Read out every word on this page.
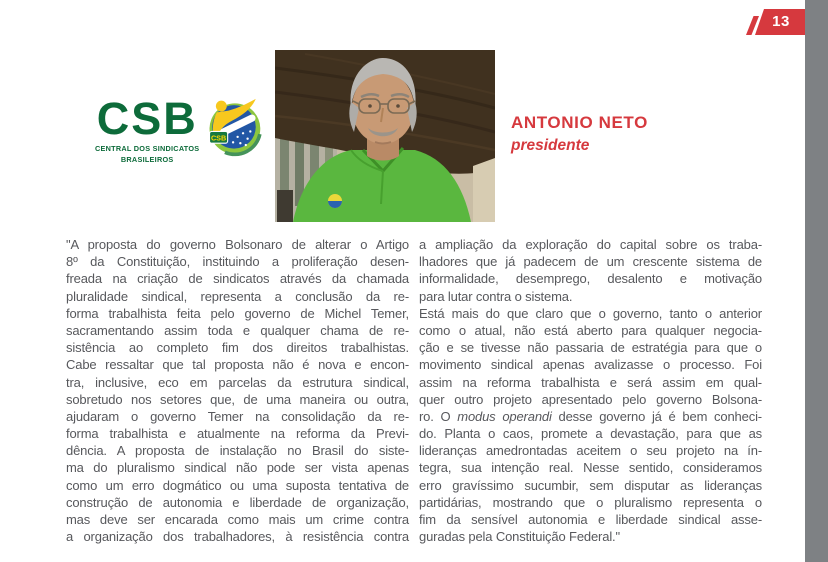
13
CSB
CENTRAL DOS SINDICATOS
BRASILEIROS
CSB
ANTONIO NETO
presidente
"A proposta do governo Bolsonaro de alterar o Artigo
8º da Constituição, instituindo a proliferação desen-
freada na criação de sindicatos através da chamada
pluralidade sindical, representa a conclusão da re-
forma trabalhista feita pelo governo de Michel Temer,
sacramentando assim toda e qualquer chama de re-
sistência ao completo fim dos direitos trabalhistas.
Cabe ressaltar que tal proposta não é nova e encon-
tra, inclusive, eco em parcelas da estrutura sindical,
sobretudo nos setores que, de uma maneira ou outra,
ajudaram o governo Temer na consolidação da re-
forma trabalhista e atualmente na reforma da Previ-
dência. A proposta de instalação no Brasil do siste-
ma do pluralismo sindical não pode ser vista apenas
como um erro dogmático ou uma suposta tentativa de
construção de autonomia e liberdade de organização,
mas deve ser encarada como mais um crime contra
a organização dos trabalhadores, à resistência contra
a ampliação da exploração do capital sobre os traba-
lhadores que já padecem de um crescente sistema de
informalidade, desemprego, desalento e motivação
para lutar contra o sistema.
Está mais do que claro que o governo, tanto o anterior
como o atual, não está aberto para qualquer negocia-
ção e se tivesse não passaria de estratégia para que o
movimento sindical apenas avalizasse o processo. Foi
assim na reforma trabalhista e será assim em qual-
quer outro projeto apresentado pelo governo Bolsona-
ro. O modus operandi desse governo já é bem conheci-
do. Planta o caos, promete a devastação, para que as
lideranças amedrontadas aceitem o seu projeto na ín-
tegra, sua intenção real. Nesse sentido, consideramos
erro gravíssimo sucumbir, sem disputar as lideranças
partidárias, mostrando que o pluralismo representa o
fim da sensível autonomia e liberdade sindical asse-
guradas pela Constituição Federal."
